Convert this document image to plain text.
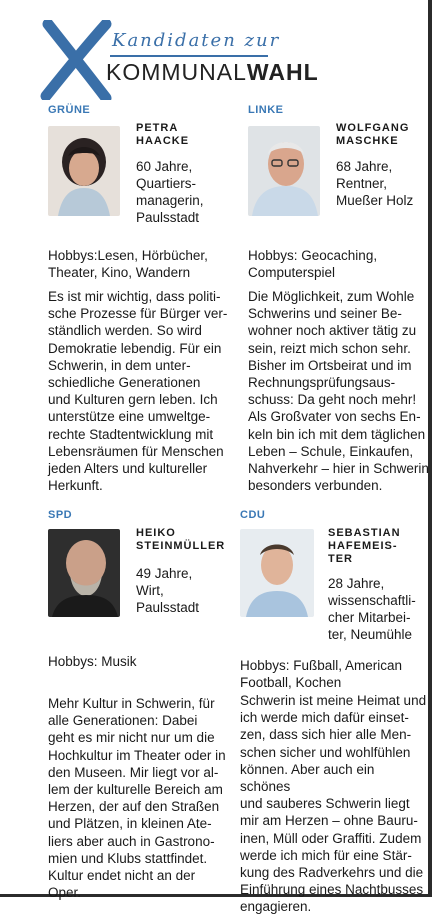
Kandidaten zur
KOMMUNALWAHL
GRÜNE
PETRA
HAACKE
60 Jahre,
Quartiers-
managerin,
Paulsstadt
Hobbys:Lesen, Hörbücher,
Theater, Kino, Wandern
Es ist mir wichtig, dass politi-
sche Prozesse für Bürger ver-
ständlich werden. So wird
Demokratie lebendig. Für ein
Schwerin, in dem unter-
schiedliche Generationen
und Kulturen gern leben. Ich
unterstütze eine umweltge-
rechte Stadtentwicklung mit
Lebensräumen für Menschen
jeden Alters und kultureller
Herkunft.
LINKE
WOLFGANG
MASCHKE
68 Jahre,
Rentner,
Mueßer Holz
Hobbys: Geocaching,
Computerspiel
Die Möglichkeit, zum Wohle
Schwerins und seiner Be-
wohner noch aktiver tätig zu
sein, reizt mich schon sehr.
Bisher im Ortsbeirat und im
Rechnungsprüfungsaus-
schuss: Da geht noch mehr!
Als Großvater von sechs En-
keln bin ich mit dem täglichen
Leben – Schule, Einkaufen,
Nahverkehr – hier in Schwerin
besonders verbunden.
SPD
HEIKO
STEINMÜLLER
49 Jahre,
Wirt,
Paulsstadt
Hobbys: Musik
Mehr Kultur in Schwerin, für
alle Generationen: Dabei
geht es mir nicht nur um die
Hochkultur im Theater oder in
den Museen. Mir liegt vor al-
lem der kulturelle Bereich am
Herzen, der auf den Straßen
und Plätzen, in kleinen Ate-
liers aber auch in Gastrono-
mien und Klubs stattfindet.
Kultur endet nicht an der
Oper.
CDU
SEBASTIAN
HAFEMEIS-
TER
28 Jahre,
wissenschaftli-
cher Mitarbei-
ter, Neumühle
Hobbys: Fußball, American
Football, Kochen
Schwerin ist meine Heimat und
ich werde mich dafür einset-
zen, dass sich hier alle Men-
schen sicher und wohlfühlen
können. Aber auch ein schönes
und sauberes Schwerin liegt
mir am Herzen – ohne Bauru-
inen, Müll oder Graffiti. Zudem
werde ich mich für eine Stär-
kung des Radverkehrs und die
Einführung eines Nachtbusses
engagieren.
